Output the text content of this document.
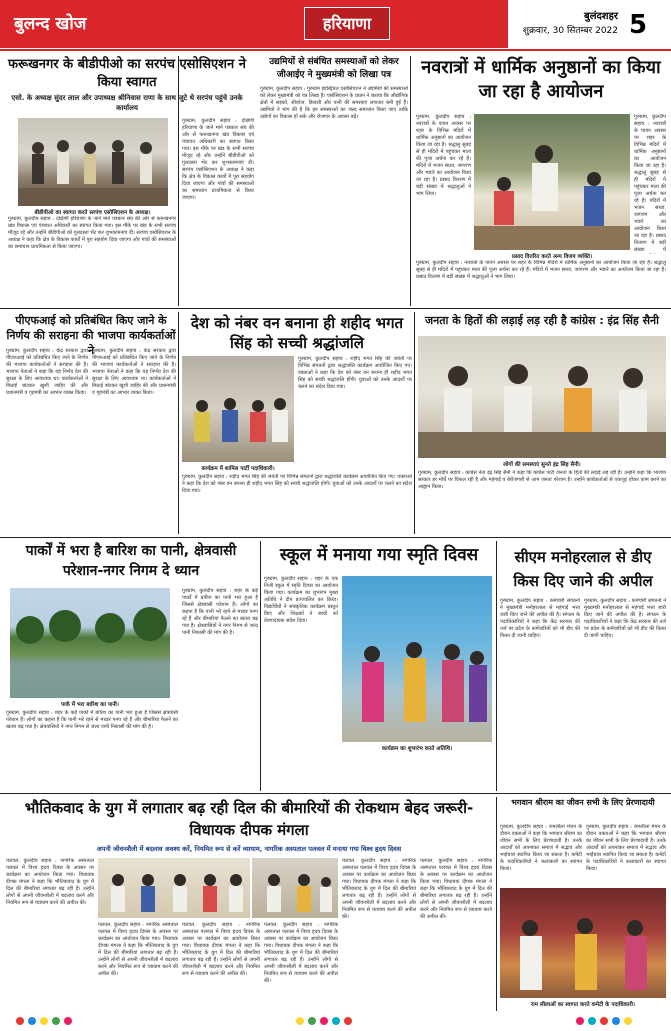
बुलन्द खोज	हरियाणा	बुलंदशहर
शुक्रवार, 30 सितम्बर 2022 5
फरूखनगर के बीडीपीओ का सरपंच एसोसिएशन ने किया स्वागत
एसो. के अध्यक्ष सुंदर लाल और उपाध्यक्ष श्रीनिवास राणा के साथ जुटे थे सरपंच पहुंचे उनके कार्यालय
बीडीपीओ का स्वागत करते सरपंच एसोसिएशन के अध्यक्ष।
गुरुग्राम, कुलदीप सहाय : दक्षिणी हरियाणा के जाने माने पत्रकार संघ की ओर से फरूखनगर खंड विकास एवं पंचायत अधिकारी का स्वागत किया गया। इस मौके पर खंड के सभी सरपंच मौजूद रहे और उन्होंने बीडीपीओ को गुलदस्ता भेंट कर शुभकामनाएं दीं। सरपंच एसोसिएशन के अध्यक्ष ने कहा कि क्षेत्र के विकास कार्यों में पूरा सहयोग दिया जाएगा और गांवों की समस्याओं का समाधान प्राथमिकता से किया जाएगा।
गुरुग्राम, कुलदीप सहाय : दक्षिणी हरियाणा के जाने माने पत्रकार संघ की ओर से फरूखनगर खंड विकास एवं पंचायत अधिकारी का स्वागत किया गया। इस मौके पर खंड के सभी सरपंच मौजूद रहे और उन्होंने बीडीपीओ को गुलदस्ता भेंट कर शुभकामनाएं दीं। सरपंच एसोसिएशन के अध्यक्ष ने कहा कि क्षेत्र के विकास कार्यों में पूरा सहयोग दिया जाएगा और गांवों की समस्याओं का समाधान प्राथमिकता से किया जाएगा।
उद्यमियों से संबंधित समस्याओं को लेकर जीआईए ने मुख्यमंत्री को लिखा पत्र
गुरुग्राम, कुलदीप सहाय : गुरुग्राम इंडस्ट्रियल एसोसिएशन ने उद्यमियों की समस्याओं को लेकर मुख्यमंत्री को पत्र लिखा है। एसोसिएशन के प्रधान ने बताया कि औद्योगिक क्षेत्रों में सड़कों, सीवरेज, बिजली और पानी की समस्याएं लगातार बनी हुई हैं। उद्यमियों ने मांग की है कि इन समस्याओं का जल्द समाधान किया जाए ताकि उद्योगों का विकास हो सके और रोजगार के अवसर बढ़ें।
नवरात्रों में धार्मिक अनुष्ठानों का किया जा रहा है आयोजन
गुरुग्राम, कुलदीप सहाय : नवरात्रों के पावन अवसर पर शहर के विभिन्न मंदिरों में धार्मिक अनुष्ठानों का आयोजन किया जा रहा है। श्रद्धालु सुबह से ही मंदिरों में पहुंचकर माता की पूजा अर्चना कर रहे हैं। मंदिरों में भजन संध्या, जागरण और भंडारे का आयोजन किया जा रहा है। प्रसाद वितरण में बड़ी संख्या में श्रद्धालुओं ने भाग लिया।
प्रसाद वितरित करते अन्य विजय व्यक्ति।
गुरुग्राम, कुलदीप सहाय : नवरात्रों के पावन अवसर पर शहर के विभिन्न मंदिरों में धार्मिक अनुष्ठानों का आयोजन किया जा रहा है। श्रद्धालु सुबह से ही मंदिरों में पहुंचकर माता की पूजा अर्चना कर रहे हैं। मंदिरों में भजन संध्या, जागरण और भंडारे का आयोजन किया जा रहा है। प्रसाद वितरण में बड़ी संख्या में
गुरुग्राम, कुलदीप सहाय : नवरात्रों के पावन अवसर पर शहर के विभिन्न मंदिरों में धार्मिक अनुष्ठानों का आयोजन किया जा रहा है। श्रद्धालु सुबह से ही मंदिरों में पहुंचकर माता की पूजा अर्चना कर रहे हैं। मंदिरों में भजन संध्या, जागरण और भंडारे का आयोजन किया जा रहा है। प्रसाद वितरण में बड़ी संख्या में श्रद्धालुओं ने भाग लिया।
पीएफआई को प्रतिबंधित किए जाने के निर्णय की सराहना की भाजपा कार्यकर्ताओं ने
गुरुग्राम, कुलदीप सहाय : केंद्र सरकार द्वारा पीएफआई को प्रतिबंधित किए जाने के निर्णय की भाजपा कार्यकर्ताओं ने सराहना की है। भाजपा नेताओं ने कहा कि यह निर्णय देश की सुरक्षा के लिए आवश्यक था। कार्यकर्ताओं ने मिठाई बांटकर खुशी जाहिर की और प्रधानमंत्री व गृहमंत्री का आभार व्यक्त किया।
गुरुग्राम, कुलदीप सहाय : केंद्र सरकार द्वारा पीएफआई को प्रतिबंधित किए जाने के निर्णय की भाजपा कार्यकर्ताओं ने सराहना की है। भाजपा नेताओं ने कहा कि यह निर्णय देश की सुरक्षा के लिए आवश्यक था। कार्यकर्ताओं ने मिठाई बांटकर खुशी जाहिर की और प्रधानमंत्री व गृहमंत्री का आभार व्यक्त किया।
देश को नंबर वन बनाना ही शहीद भगत सिंह को सच्ची श्रद्धांजलि
कार्यक्रम में शामिल पार्टी पदाधिकारी।
गुरुग्राम, कुलदीप सहाय : शहीद भगत सिंह की जयंती पर विभिन्न संगठनों द्वारा श्रद्धांजलि कार्यक्रम आयोजित किए गए। वक्ताओं ने कहा कि देश को नंबर वन बनाना ही शहीद भगत सिंह को सच्ची श्रद्धांजलि होगी। युवाओं को उनके आदर्शों पर चलने का संदेश दिया गया।
गुरुग्राम, कुलदीप सहाय : शहीद भगत सिंह की जयंती पर विभिन्न संगठनों द्वारा श्रद्धांजलि कार्यक्रम आयोजित किए गए। वक्ताओं ने कहा कि देश को नंबर वन बनाना ही शहीद भगत सिंह को सच्ची श्रद्धांजलि होगी। युवाओं को उनके आदर्शों पर चलने का संदेश दिया गया।
जनता के हितों की लड़ाई लड़ रही है कांग्रेस : इंद्र सिंह सैनी
लोगों की समस्याएं सुनते इंद्र सिंह सैनी।
गुरुग्राम, कुलदीप सहाय : कांग्रेस नेता इंद्र सिंह सैनी ने कहा कि कांग्रेस पार्टी जनता के हितों की लड़ाई लड़ रही है। उन्होंने कहा कि भाजपा सरकार हर मोर्चे पर विफल रही है और महंगाई व बेरोजगारी से आम जनता परेशान है। उन्होंने कार्यकर्ताओं से एकजुट होकर काम करने का आह्वान किया।
पार्कों में भरा है बारिश का पानी, क्षेत्रवासी परेशान-नगर निगम दे ध्यान
पार्क में भरा बारिश का पानी।
गुरुग्राम, कुलदीप सहाय : शहर के कई पार्कों में बारिश का पानी भरा हुआ है जिससे क्षेत्रवासी परेशान हैं। लोगों का कहना है कि पानी भरे रहने से मच्छर पनप रहे हैं और बीमारियां फैलने का खतरा बढ़ गया है। क्षेत्रवासियों ने नगर निगम से जल्द पानी निकासी की मांग की है।
गुरुग्राम, कुलदीप सहाय : शहर के कई पार्कों में बारिश का पानी भरा हुआ है जिससे क्षेत्रवासी परेशान हैं। लोगों का कहना है कि पानी भरे रहने से मच्छर पनप रहे हैं और बीमारियां फैलने का खतरा बढ़ गया है। क्षेत्रवासियों ने नगर निगम से जल्द पानी निकासी की मांग की है।
स्कूल में मनाया गया स्मृति दिवस
गुरुग्राम, कुलदीप सहाय : शहर के एक निजी स्कूल में स्मृति दिवस का आयोजन किया गया। कार्यक्रम का शुभारंभ मुख्य अतिथि ने दीप प्रज्ज्वलित कर किया। विद्यार्थियों ने सांस्कृतिक कार्यक्रम प्रस्तुत किए और शिक्षकों ने बच्चों को प्रेरणादायक संदेश दिया।
कार्यक्रम का शुभारंभ करते अतिथि।
सीएम मनोहरलाल से डीए किस दिए जाने की अपील
गुरुग्राम, कुलदीप सहाय : कर्मचारी संगठनों ने मुख्यमंत्री मनोहरलाल से महंगाई भत्ता जारी किए जाने की अपील की है। संगठन के पदाधिकारियों ने कहा कि केंद्र सरकार की तर्ज पर प्रदेश के कर्मचारियों को भी डीए की किस्त दी जानी चाहिए।
गुरुग्राम, कुलदीप सहाय : कर्मचारी संगठनों ने मुख्यमंत्री मनोहरलाल से महंगाई भत्ता जारी किए जाने की अपील की है। संगठन के पदाधिकारियों ने कहा कि केंद्र सरकार की तर्ज पर प्रदेश के कर्मचारियों को भी डीए की किस्त दी जानी चाहिए।
भौतिकवाद के युग में लगातार बढ़ रही दिल की बीमारियों की रोकथाम बेहद जरूरी-विधायक दीपक मंगला
अपनी जीवनशैली में बदलाव अवश्य करें, नियमित रूप से करें व्यायाम, नागरिक अस्पताल पलवल में मनाया गया विश्व हृदय दिवस
पलवल, कुलदीप सहाय : नागरिक अस्पताल पलवल में विश्व हृदय दिवस के अवसर पर कार्यक्रम का आयोजन किया गया। विधायक दीपक मंगला ने कहा कि भौतिकवाद के युग में दिल की बीमारियां लगातार बढ़ रही हैं। उन्होंने लोगों से अपनी जीवनशैली में बदलाव करने और नियमित रूप से व्यायाम करने की अपील की।
पलवल, कुलदीप सहाय : नागरिक अस्पताल पलवल में विश्व हृदय दिवस के अवसर पर कार्यक्रम का आयोजन किया गया। विधायक दीपक मंगला ने कहा कि भौतिकवाद के युग में दिल की बीमारियां लगातार बढ़ रही हैं। उन्होंने लोगों से अपनी जीवनशैली में बदलाव करने और नियमित रूप से व्यायाम करने की अपील की।
पलवल, कुलदीप सहाय : नागरिक अस्पताल पलवल में विश्व हृदय दिवस के अवसर पर कार्यक्रम का आयोजन किया गया। विधायक दीपक मंगला ने कहा कि भौतिकवाद के युग में दिल की बीमारियां लगातार बढ़ रही हैं। उन्होंने लोगों से अपनी जीवनशैली में बदलाव करने और नियमित रूप से व्यायाम करने की अपील की।
पलवल, कुलदीप सहाय : नागरिक अस्पताल पलवल में विश्व हृदय दिवस के अवसर पर कार्यक्रम का आयोजन किया गया। विधायक दीपक मंगला ने कहा कि भौतिकवाद के युग में दिल की बीमारियां लगातार बढ़ रही हैं। उन्होंने लोगों से अपनी जीवनशैली में बदलाव करने और नियमित रूप से व्यायाम करने की अपील की।
पलवल, कुलदीप सहाय : नागरिक अस्पताल पलवल में विश्व हृदय दिवस के अवसर पर कार्यक्रम का आयोजन किया गया। विधायक दीपक मंगला ने कहा कि भौतिकवाद के युग में दिल की बीमारियां लगातार बढ़ रही हैं। उन्होंने लोगों से अपनी जीवनशैली में बदलाव करने और नियमित रूप से व्यायाम करने की अपील की।
पलवल, कुलदीप सहाय : नागरिक अस्पताल पलवल में विश्व हृदय दिवस के अवसर पर कार्यक्रम का आयोजन किया गया। विधायक दीपक मंगला ने कहा कि भौतिकवाद के युग में दिल की बीमारियां लगातार बढ़ रही हैं। उन्होंने लोगों से अपनी जीवनशैली में बदलाव करने और नियमित रूप से व्यायाम करने की अपील की।
भगवान श्रीराम का जीवन सभी के लिए प्रेरणादायी
गुरुग्राम, कुलदीप सहाय : रामलीला मंचन के दौरान वक्ताओं ने कहा कि भगवान श्रीराम का जीवन सभी के लिए प्रेरणादायी है। उनके आदर्शों को अपनाकर समाज में सद्भाव और भाईचारा स्थापित किया जा सकता है। कमेटी के पदाधिकारियों ने कलाकारों का स्वागत किया।
राम लीलाओं का स्वागत करते कमेटी के पदाधिकारी।
गुरुग्राम, कुलदीप सहाय : रामलीला मंचन के दौरान वक्ताओं ने कहा कि भगवान श्रीराम का जीवन सभी के लिए प्रेरणादायी है। उनके आदर्शों को अपनाकर समाज में सद्भाव और भाईचारा स्थापित किया जा सकता है। कमेटी के पदाधिकारियों ने कलाकारों का स्वागत किया।
